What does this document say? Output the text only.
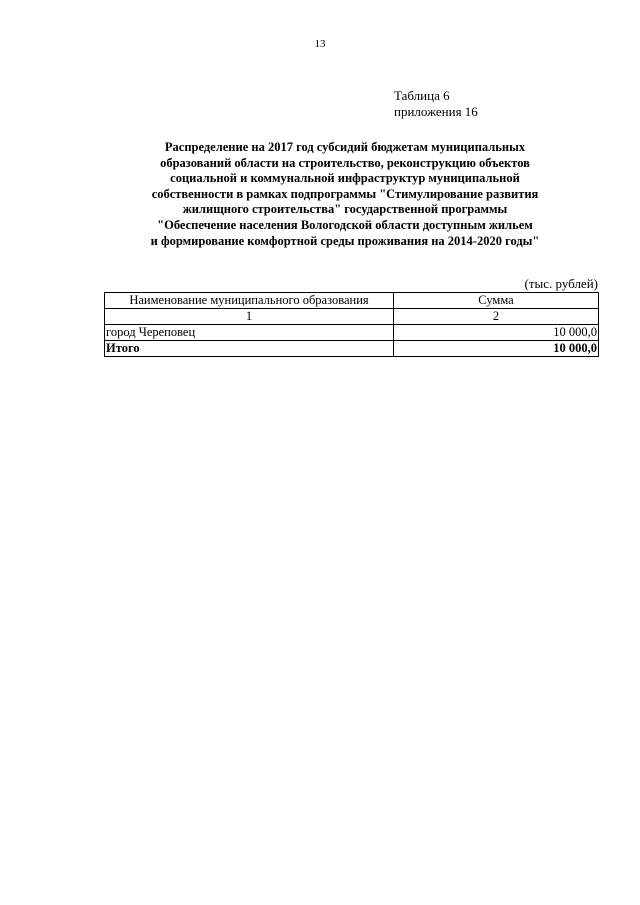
13
Таблица 6
приложения 16
Распределение на 2017 год субсидий бюджетам муниципальных
образований области на строительство, реконструкцию объектов
социальной и коммунальной инфраструктур муниципальной
собственности в рамках подпрограммы "Стимулирование развития
жилищного строительства" государственной программы
"Обеспечение населения Вологодской области доступным жильем
и формирование комфортной среды проживания на 2014-2020 годы"
(тыс. рублей)
Наименование муниципального образования	Сумма
1	2
город Череповец	10 000,0
Итого	10 000,0
